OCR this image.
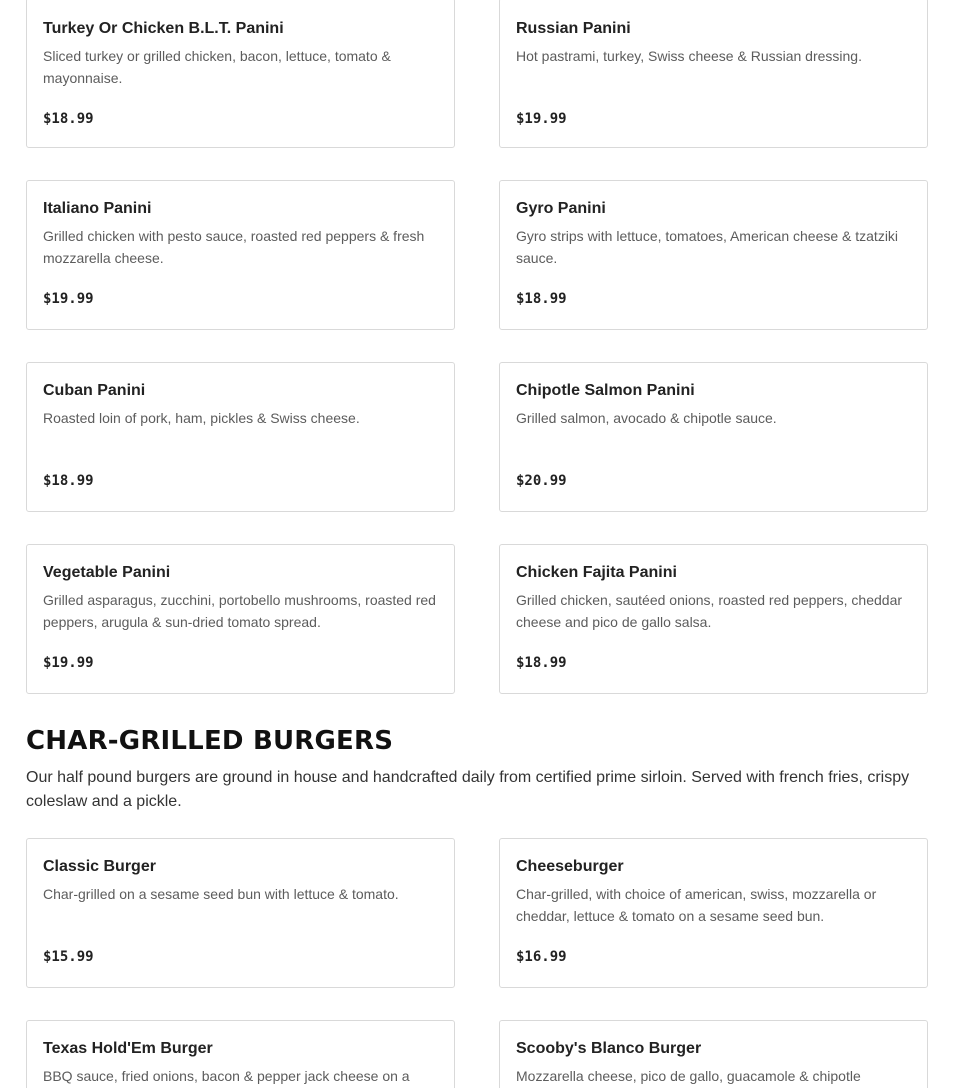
Turkey Or Chicken B.L.T. Panini
Sliced turkey or grilled chicken, bacon, lettuce, tomato & mayonnaise.
$18.99
Russian Panini
Hot pastrami, turkey, Swiss cheese & Russian dressing.
$19.99
Italiano Panini
Grilled chicken with pesto sauce, roasted red peppers & fresh mozzarella cheese.
$19.99
Gyro Panini
Gyro strips with lettuce, tomatoes, American cheese & tzatziki sauce.
$18.99
Cuban Panini
Roasted loin of pork, ham, pickles & Swiss cheese.
$18.99
Chipotle Salmon Panini
Grilled salmon, avocado & chipotle sauce.
$20.99
Vegetable Panini
Grilled asparagus, zucchini, portobello mushrooms, roasted red peppers, arugula & sun-dried tomato spread.
$19.99
Chicken Fajita Panini
Grilled chicken, sautéed onions, roasted red peppers, cheddar cheese and pico de gallo salsa.
$18.99
CHAR-GRILLED BURGERS

Our half pound burgers are ground in house and handcrafted daily from certified prime sirloin. Served with french fries, crispy coleslaw and a pickle.

Classic Burger
Char-grilled on a sesame seed bun with lettuce & tomato.
$15.99
Cheeseburger
Char-grilled, with choice of american, swiss, mozzarella or cheddar, lettuce & tomato on a sesame seed bun.
$16.99
Texas Hold'Em Burger
BBQ sauce, fried onions, bacon & pepper jack cheese on a
Scooby's Blanco Burger
Mozzarella cheese, pico de gallo, guacamole & chipotle
